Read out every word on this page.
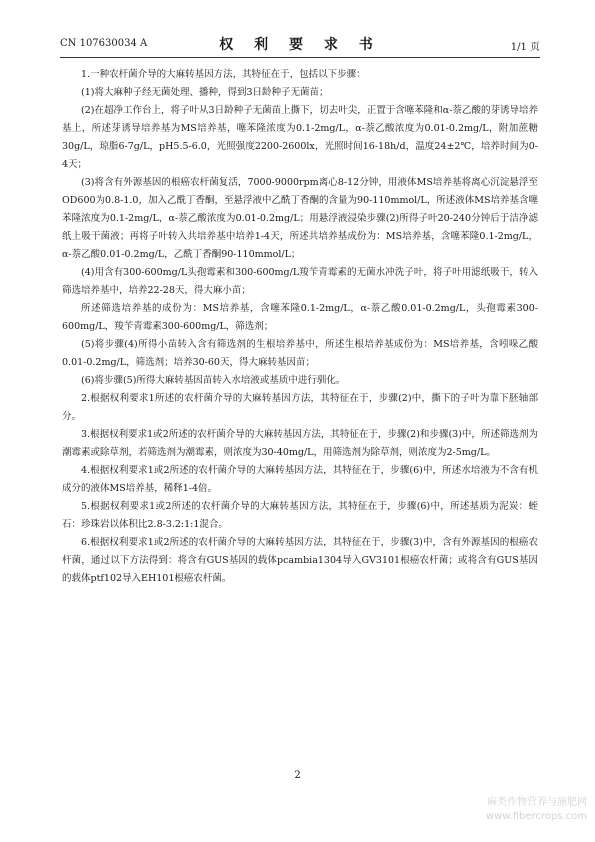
CN 107630034 A	权 利 要 求 书	1/1 页

1.一种农杆菌介导的大麻转基因方法，其特征在于，包括以下步骤：

(1)将大麻种子经无菌处理、播种，得到3日龄种子无菌苗；

(2)在超净工作台上，将子叶从3日龄种子无菌苗上撕下，切去叶尖，正置于含噻苯隆和α-萘乙酸的芽诱导培养基上，所述芽诱导培养基为MS培养基，噻苯隆浓度为0.1-2mg/L，α-萘乙酸浓度为0.01-0.2mg/L，附加蔗糖30g/L，琼脂6-7g/L，pH5.5-6.0，光照强度2200-2600lx，光照时间16-18h/d，温度24±2℃，培养时间为0-4天；

(3)将含有外源基因的根癌农杆菌复活，7000-9000rpm离心8-12分钟，用液体MS培养基将离心沉淀悬浮至OD600为0.8-1.0，加入乙酰丁香酮，至悬浮液中乙酰丁香酮的含量为90-110mmol/L，所述液体MS培养基含噻苯隆浓度为0.1-2mg/L，α-萘乙酸浓度为0.01-0.2mg/L；用悬浮液浸染步骤(2)所得子叶20-240分钟后于洁净滤纸上吸干菌液；再将子叶转入共培养基中培养1-4天，所述共培养基成份为：MS培养基，含噻苯隆0.1-2mg/L，α-萘乙酸0.01-0.2mg/L，乙酰丁香酮90-110mmol/L；

(4)用含有300-600mg/L头孢霉素和300-600mg/L羧苄青霉素的无菌水冲洗子叶，将子叶用滤纸吸干，转入筛选培养基中，培养22-28天，得大麻小苗；

所述筛选培养基的成份为：MS培养基，含噻苯隆0.1-2mg/L，α-萘乙酸0.01-0.2mg/L，头孢霉素300-600mg/L，羧苄青霉素300-600mg/L，筛选剂；

(5)将步骤(4)所得小苗转入含有筛选剂的生根培养基中，所述生根培养基成份为：MS培养基，含吲哚乙酸0.01-0.2mg/L，筛选剂；培养30-60天，得大麻转基因苗；

(6)将步骤(5)所得大麻转基因苗转入水培液或基质中进行驯化。

2.根据权利要求1所述的农杆菌介导的大麻转基因方法，其特征在于，步骤(2)中，撕下的子叶为靠下胚轴部分。

3.根据权利要求1或2所述的农杆菌介导的大麻转基因方法，其特征在于，步骤(2)和步骤(3)中，所述筛选剂为潮霉素或除草剂，若筛选剂为潮霉素，则浓度为30-40mg/L，用筛选剂为除草剂，则浓度为2-5mg/L。

4.根据权利要求1或2所述的农杆菌介导的大麻转基因方法，其特征在于，步骤(6)中，所述水培液为不含有机成分的液体MS培养基，稀释1-4倍。

5.根据权利要求1或2所述的农杆菌介导的大麻转基因方法，其特征在于，步骤(6)中，所述基质为泥炭：蛭石：珍珠岩以体积比2.8-3.2:1:1混合。

6.根据权利要求1或2所述的农杆菌介导的大麻转基因方法，其特征在于，步骤(3)中，含有外源基因的根癌农杆菌，通过以下方法得到：将含有GUS基因的载体pcambia1304导入GV3101根癌农杆菌；或将含有GUS基因的载体ptf102导入EH101根癌农杆菌。

2
麻类作物营养与施肥网
www.fibercrops.com
